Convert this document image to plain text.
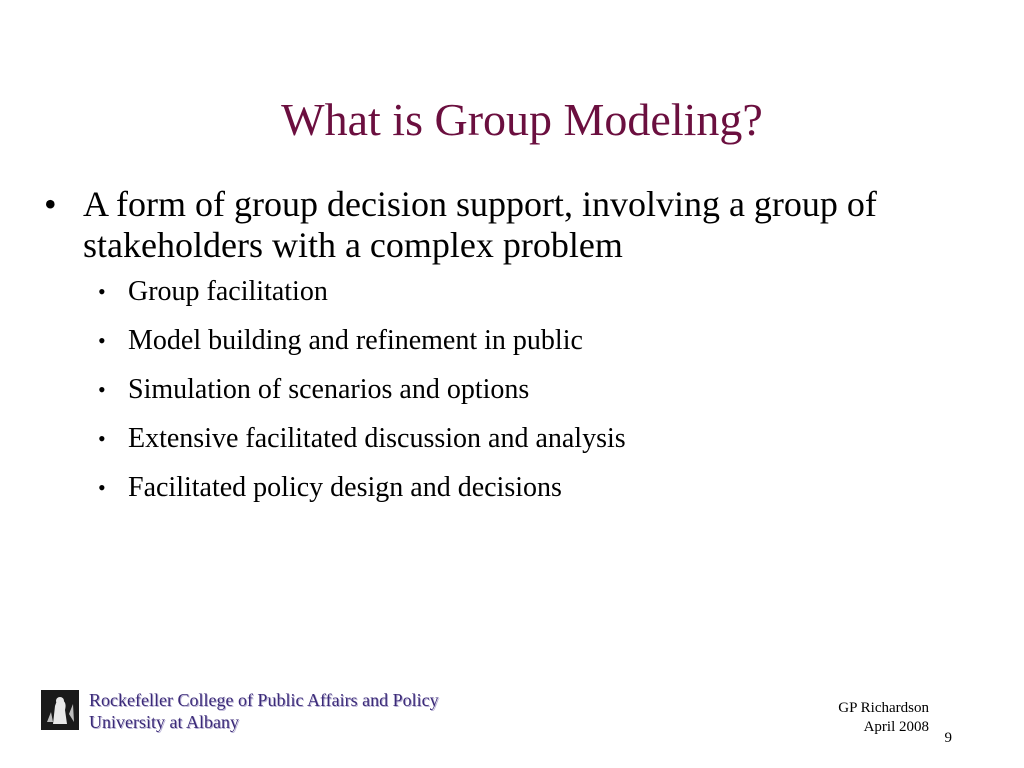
What is Group Modeling?
• A form of group decision support, involving a group of stakeholders with a complex problem
• Group facilitation
• Model building and refinement in public
• Simulation of scenarios and options
• Extensive facilitated discussion and analysis
• Facilitated policy design and decisions
Rockefeller College of Public Affairs and Policy
University at Albany
GP Richardson
April 2008
9
